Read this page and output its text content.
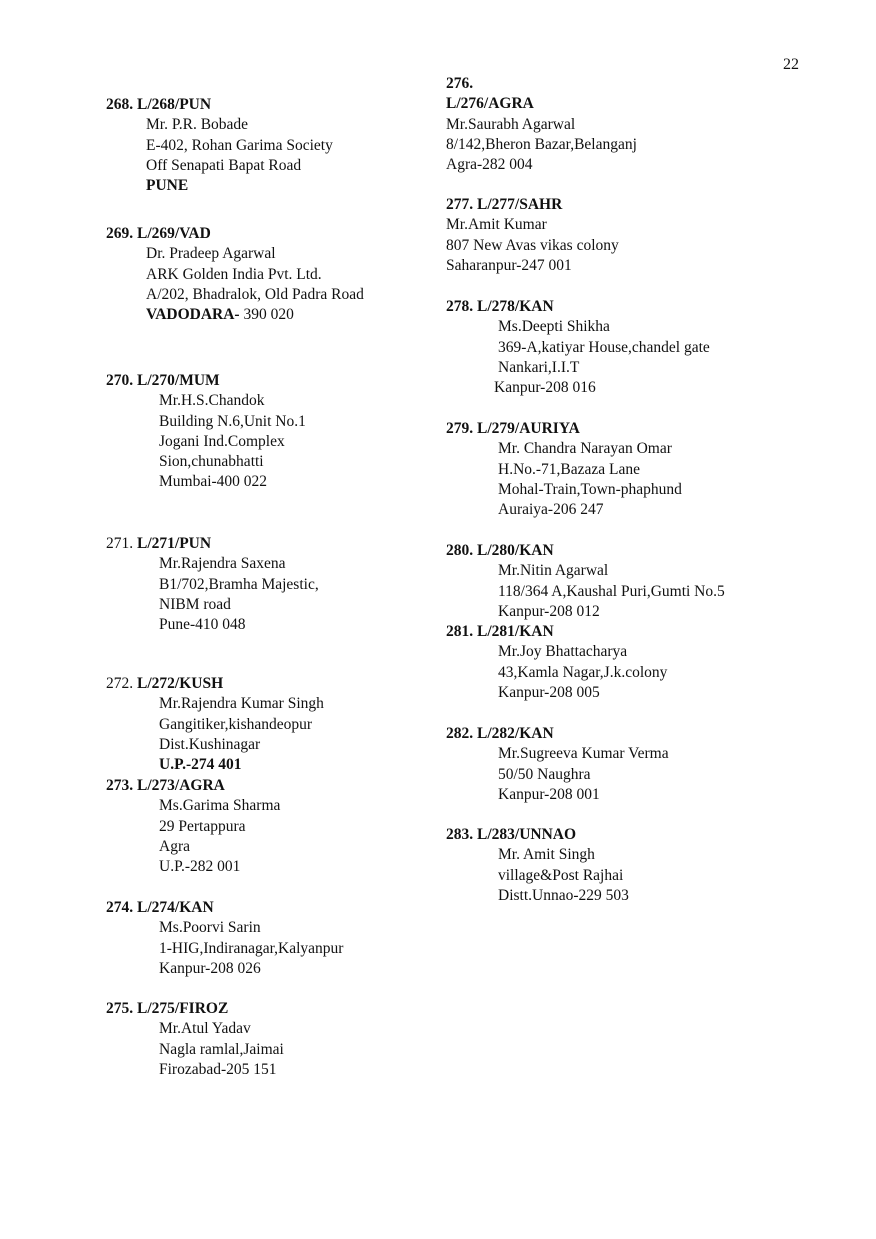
22
268. L/268/PUN
Mr. P.R. Bobade
E-402, Rohan Garima Society
Off Senapati Bapat Road
PUNE
269. L/269/VAD
Dr. Pradeep Agarwal
ARK Golden India Pvt. Ltd.
A/202, Bhadralok, Old Padra Road
VADODARA- 390 020
270. L/270/MUM
Mr.H.S.Chandok
Building N.6,Unit No.1
Jogani Ind.Complex
Sion,chunabhatti
Mumbai-400 022
271. L/271/PUN
Mr.Rajendra Saxena
B1/702,Bramha Majestic,
NIBM road
Pune-410 048
272. L/272/KUSH
Mr.Rajendra Kumar Singh
Gangitiker,kishandeopur
Dist.Kushinagar
U.P.-274 401
273. L/273/AGRA
Ms.Garima Sharma
29 Pertappura
Agra
U.P.-282 001
274. L/274/KAN
Ms.Poorvi Sarin
1-HIG,Indiranagar,Kalyanpur
Kanpur-208 026
275. L/275/FIROZ
Mr.Atul Yadav
Nagla ramlal,Jaimai
Firozabad-205 151
276.
L/276/AGRA
Mr.Saurabh Agarwal
8/142,Bheron Bazar,Belanganj
Agra-282 004
277. L/277/SAHR
Mr.Amit Kumar
807 New Avas vikas colony
Saharanpur-247 001
278. L/278/KAN
Ms.Deepti Shikha
369-A,katiyar House,chandel gate
Nankari,I.I.T
Kanpur-208 016
279. L/279/AURIYA
Mr. Chandra Narayan Omar
H.No.-71,Bazaza Lane
Mohal-Train,Town-phaphund
Auraiya-206 247
280. L/280/KAN
Mr.Nitin Agarwal
118/364 A,Kaushal Puri,Gumti No.5
Kanpur-208 012
281. L/281/KAN
Mr.Joy Bhattacharya
43,Kamla Nagar,J.k.colony
Kanpur-208 005
282. L/282/KAN
Mr.Sugreeva Kumar Verma
50/50 Naughra
Kanpur-208 001
283. L/283/UNNAO
Mr. Amit Singh
village&Post Rajhai
Distt.Unnao-229 503
